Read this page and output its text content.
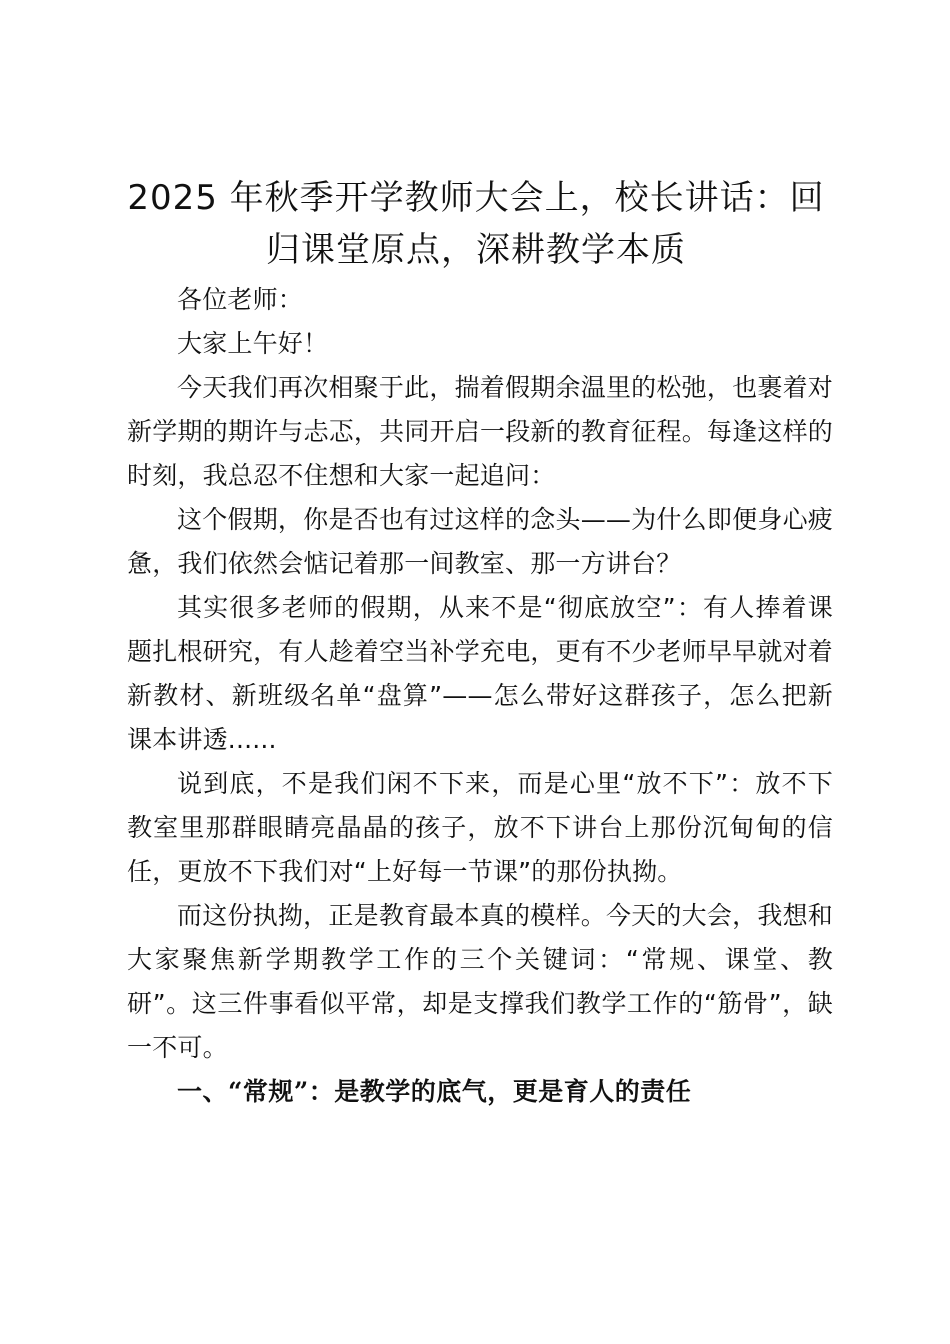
2025 年秋季开学教师大会上，校长讲话：回归课堂原点，深耕教学本质

各位老师：

大家上午好！

今天我们再次相聚于此，揣着假期余温里的松弛，也裹着对新学期的期许与忐忑，共同开启一段新的教育征程。每逢这样的时刻，我总忍不住想和大家一起追问：

这个假期，你是否也有过这样的念头——为什么即便身心疲惫，我们依然会惦记着那一间教室、那一方讲台？

其实很多老师的假期，从来不是“彻底放空”：有人捧着课题扎根研究，有人趁着空当补学充电，更有不少老师早早就对着新教材、新班级名单“盘算”——怎么带好这群孩子，怎么把新课本讲透......

说到底，不是我们闲不下来，而是心里“放不下”：放不下教室里那群眼睛亮晶晶的孩子，放不下讲台上那份沉甸甸的信任，更放不下我们对“上好每一节课”的那份执拗。

而这份执拗，正是教育最本真的模样。今天的大会，我想和大家聚焦新学期教学工作的三个关键词：“常规、课堂、教研”。这三件事看似平常，却是支撑我们教学工作的“筋骨”，缺一不可。

一、“常规”：是教学的底气，更是育人的责任
